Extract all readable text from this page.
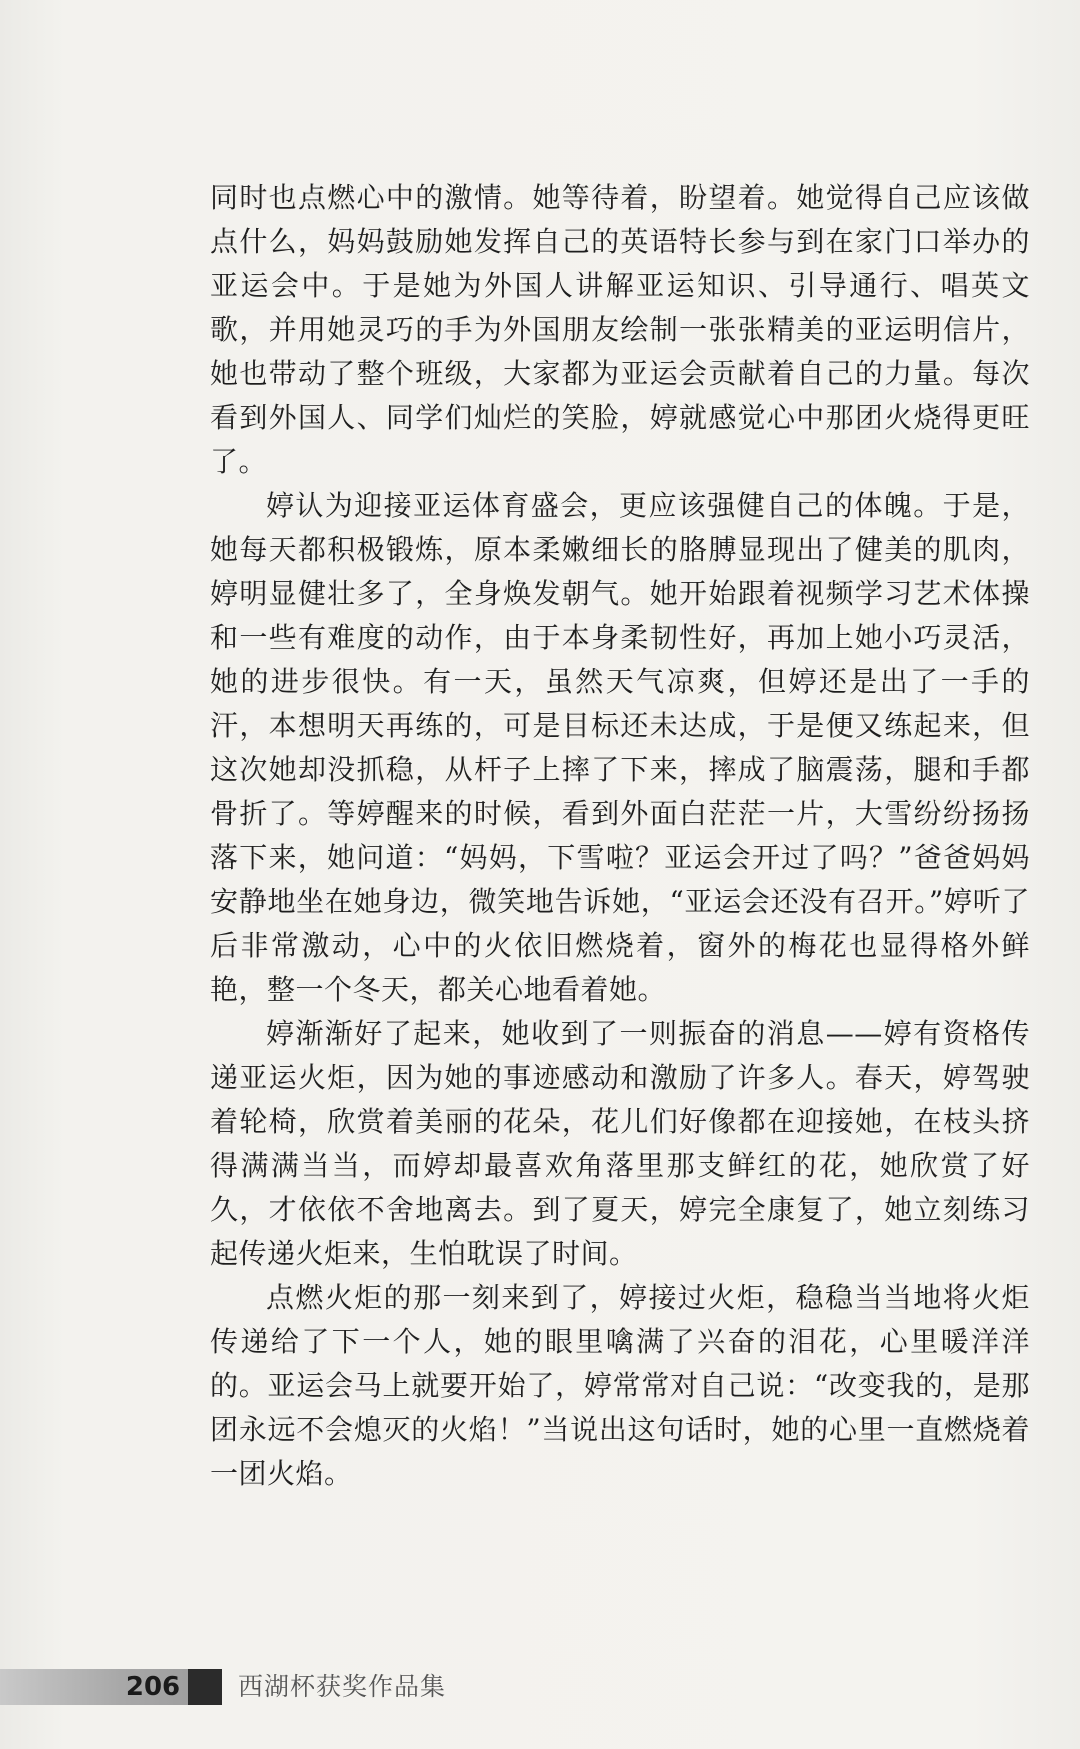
同时也点燃心中的激情。她等待着，盼望着。她觉得自己应该做点什么，妈妈鼓励她发挥自己的英语特长参与到在家门口举办的亚运会中。于是她为外国人讲解亚运知识、引导通行、唱英文歌，并用她灵巧的手为外国朋友绘制一张张精美的亚运明信片，她也带动了整个班级，大家都为亚运会贡献着自己的力量。每次看到外国人、同学们灿烂的笑脸，婷就感觉心中那团火烧得更旺了。

婷认为迎接亚运体育盛会，更应该强健自己的体魄。于是，她每天都积极锻炼，原本柔嫩细长的胳膊显现出了健美的肌肉，婷明显健壮多了，全身焕发朝气。她开始跟着视频学习艺术体操和一些有难度的动作，由于本身柔韧性好，再加上她小巧灵活，她的进步很快。有一天，虽然天气凉爽，但婷还是出了一手的汗，本想明天再练的，可是目标还未达成，于是便又练起来，但这次她却没抓稳，从杆子上摔了下来，摔成了脑震荡，腿和手都骨折了。等婷醒来的时候，看到外面白茫茫一片，大雪纷纷扬扬落下来，她问道：“妈妈，下雪啦？亚运会开过了吗？”爸爸妈妈安静地坐在她身边，微笑地告诉她，“亚运会还没有召开。”婷听了后非常激动，心中的火依旧燃烧着，窗外的梅花也显得格外鲜艳，整一个冬天，都关心地看着她。

婷渐渐好了起来，她收到了一则振奋的消息——婷有资格传递亚运火炬，因为她的事迹感动和激励了许多人。春天，婷驾驶着轮椅，欣赏着美丽的花朵，花儿们好像都在迎接她，在枝头挤得满满当当，而婷却最喜欢角落里那支鲜红的花，她欣赏了好久，才依依不舍地离去。到了夏天，婷完全康复了，她立刻练习起传递火炬来，生怕耽误了时间。

点燃火炬的那一刻来到了，婷接过火炬，稳稳当当地将火炬传递给了下一个人，她的眼里噙满了兴奋的泪花，心里暖洋洋的。亚运会马上就要开始了，婷常常对自己说：“改变我的，是那团永远不会熄灭的火焰！”当说出这句话时，她的心里一直燃烧着一团火焰。

206	西湖杯获奖作品集
